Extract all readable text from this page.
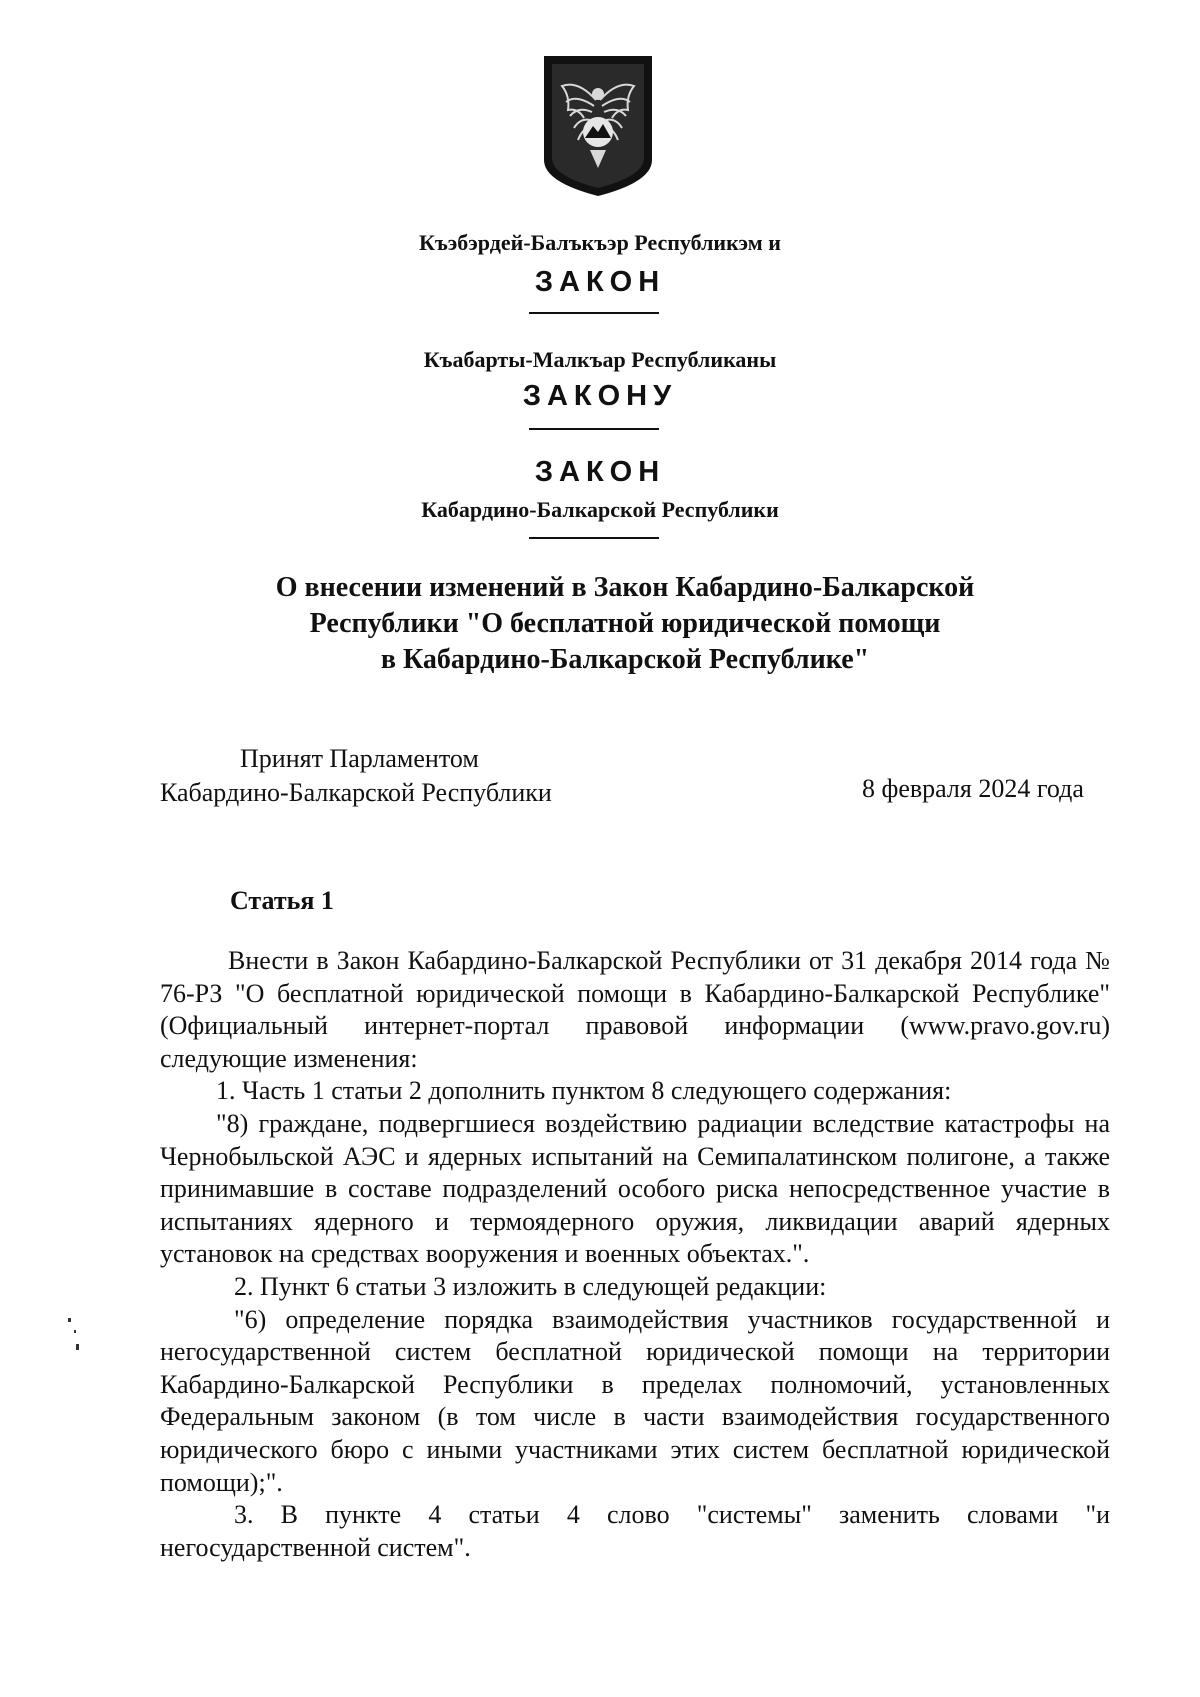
Къэбэрдей-Балъкъэр Республикэм и
ЗАКОН
Къабарты-Малкъар Республиканы
ЗАКОНУ
ЗАКОН
Кабардино-Балкарской Республики
О внесении изменений в Закон Кабардино-Балкарской
Республики "О бесплатной юридической помощи
в Кабардино-Балкарской Республике"
Принят Парламентом
Кабардино-Балкарской Республики	8 февраля 2024 года
Статья 1

Внести в Закон Кабардино-Балкарской Республики от 31 декабря 2014 года № 76-РЗ "О бесплатной юридической помощи в Кабардино-Балкарской Республике" (Официальный интернет-портал правовой информации (www.pravo.gov.ru) следующие изменения:

1. Часть 1 статьи 2 дополнить пунктом 8 следующего содержания:

"8) граждане, подвергшиеся воздействию радиации вследствие катастрофы на Чернобыльской АЭС и ядерных испытаний на Семипалатинском полигоне, а также принимавшие в составе подразделений особого риска непосредственное участие в испытаниях ядерного и термоядерного оружия, ликвидации аварий ядерных установок на средствах вооружения и военных объектах.".

2. Пункт 6 статьи 3 изложить в следующей редакции:

"6) определение порядка взаимодействия участников государственной и негосударственной систем бесплатной юридической помощи на территории Кабардино-Балкарской Республики в пределах полномочий, установленных Федеральным законом (в том числе в части взаимодействия государственного юридического бюро с иными участниками этих систем бесплатной юридической помощи);".

3. В пункте 4 статьи 4 слово "системы" заменить словами "и негосударственной систем".
